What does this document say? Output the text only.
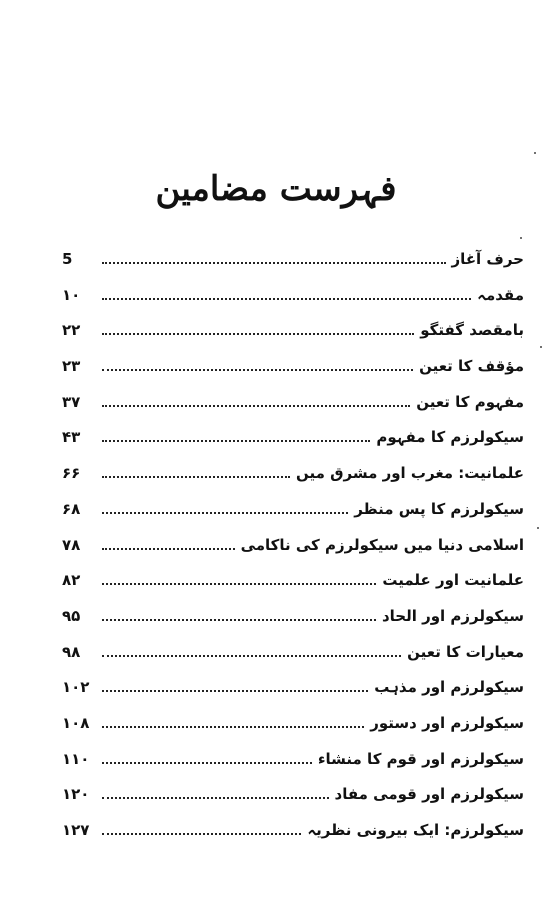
فہرست مضامین
5	حرف آغاز
۱۰	مقدمہ
۲۲	بامقصد گفتگو
۲۳	مؤقف کا تعین
۳۷	مفہوم کا تعین
۴۳	سیکولرزم کا مفہوم
۶۶	علمانیت: مغرب اور مشرق میں
۶۸	سیکولرزم کا پس منظر
۷۸	اسلامی دنیا میں سیکولرزم کی ناکامی
۸۲	علمانیت اور علمیت
۹۵	سیکولرزم اور الحاد
۹۸	معیارات کا تعین
۱۰۲	سیکولرزم اور مذہب
۱۰۸	سیکولرزم اور دستور
۱۱۰	سیکولرزم اور قوم کا منشاء
۱۲۰	سیکولرزم اور قومی مفاد
۱۲۷	سیکولرزم: ایک بیرونی نظریہ
